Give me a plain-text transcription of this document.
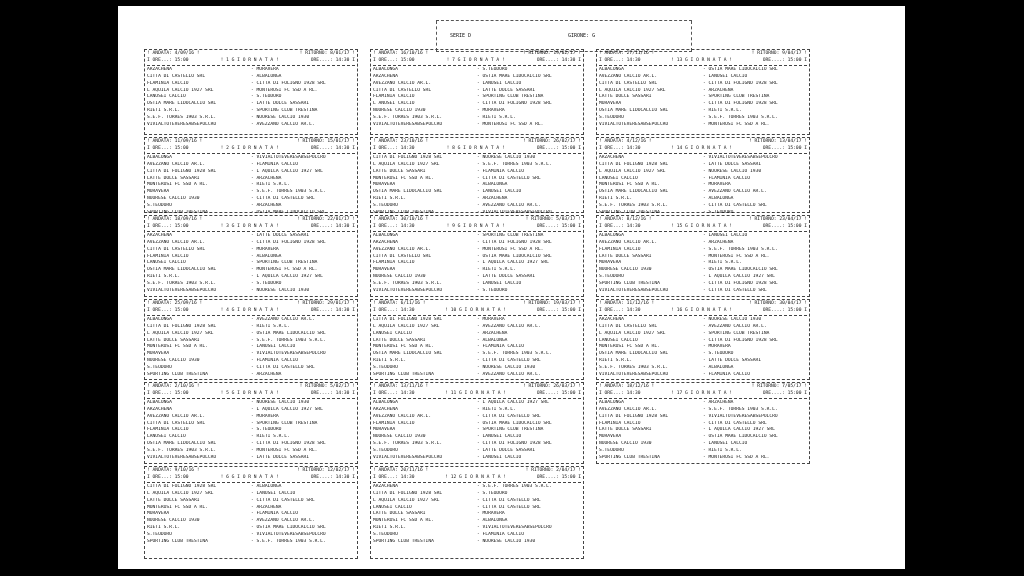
SERIE D	GIRONE: G
! ANDATA: 4/09/16 !	! RITORNO: 8/01/17 !
I ORE...: 15:00	! 1 G I O R N A T A !	ORE....: 14:30 I
ARZACHENA	- MURAVERA
CITTA DI CASTELLO SRL	- ALBALONGA
FLAMINIA CALCIO	- CITTA DI FOLIGNO 1928 SRL
L AQUILA CALCIO 1927 SRL	- MONTEROSI FC SSD A RL.
LANUSEI CALCIO	- S.TEODORO
OSTIA MARE LIDOCALCIO SRL	- LATTE DOLCE SASSARI
RIETI S.R.L.	- SPORTING CLUB TRESTINA
S.E.F. TORRES 1903 S.R.L.	- NUORESE CALCIO 1930
VIVIALTOTEVERESABSEPOLCRO	- AVEZZANO CALCIO AR.L.
! ANDATA: 16/10/16 !	! RITORNO: 19/02/17 !
I ORE...: 15:00	! 7 G I O R N A T A !	ORE....: 14:30 I
ALBALONGA	- S.TEODORO
ARZACHENA	- OSTIA MARE LIDOCALCIO SRL
AVEZZANO CALCIO AR.L.	- LANUSEI CALCIO
CITTA DI CASTELLO SRL	- LATTE DOLCE SASSARI
FLAMINIA CALCIO	- SPORTING CLUB TRESTINA
L ANUSEI CALCIO	- CITTA DI FOLIGNO 1928 SRL
NUORESE CALCIO 1930	- MURAVERA
S.E.F. TORRES 1903 S.R.L.	- RIETI S.R.L.
VIVIALTOTEVERESABSEPOLCRO	- MONTEROSI FC SSD A RL.
! ANDATA: 27/11/16 !	! RITORNO: 9/04/17 !
I ORE...: 14:30	! 13 G I O R N A T A !	ORE....: 15:00 I
ALBALONGA	- OSTIA MARE LIDOCALCIO SRL
AVEZZANO CALCIO AR.L.	- LANUSEI CALCIO
CITTA DI CASTELLO SRL	- CITTA DI FOLIGNO 1928 SRL
L AQUILA CALCIO 1927 SRL	- ARZACHENA
LATTE DOLCE SASSARI	- SPORTING CLUB TRESTINA
MURAVERA	- CITTA DI FOLIGNO 1928 SRL
OSTIA MARE LIDOCALCIO SRL	- RIETI S.R.L.
S.TEODORO	- S.E.F. TORRES 1903 S.R.L.
VIVIALTOTEVERESABSEPOLCRO	- MONTEROSI FC SSD A RL.
! ANDATA: 11/09/16 !	! RITORNO: 15/01/17 !
I ORE...: 15:00	! 2 G I O R N A T A !	ORE....: 14:30 I
ALBALONGA	- VIVIALTOTEVERESABSEPOLCRO
AVEZZANO CALCIO AR.L.	- FLAMINIA CALCIO
CITTA DI FOLIGNO 1928 SRL	- L AQUILA CALCIO 1927 SRL
LATTE DOLCE SASSARI	- ARZACHENA
MONTEROSI FC SSD A RL.	- RIETI S.R.L.
MURAVERA	- S.E.F. TORRES 1903 S.R.L.
NUORESE CALCIO 1930	- CITTA DI CASTELLO SRL
S.TEODORO	- ARZACHENA
SPORTING CLUB TRESTINA	- OSTIA MARE LIDOCALCIO SRL
! ANDATA: 23/10/16 !	! RITORNO: 26/02/17 !
I ORE...: 14:30	! 8 G I O R N A T A !	ORE....: 15:00 I
CITTA DI FOLIGNO 1928 SRL	- NUORESE CALCIO 1930
L AQUILA CALCIO 1927 SRL	- S.E.F. TORRES 1903 S.R.L.
LATTE DOLCE SASSARI	- FLAMINIA CALCIO
MONTEROSI FC SSD A RL.	- CITTA DI CASTELLO SRL
MURAVERA	- ALBALONGA
OSTIA MARE LIDOCALCIO SRL	- LANUSEI CALCIO
RIETI S.R.L.	- ARZACHENA
S.TEODORO	- AVEZZANO CALCIO AR.L.
SPORTING CLUB TRESTINA	- VIVIALTOTEVERESABSEPOLCRO
! ANDATA: 4/12/16 !	! RITORNO: 13/04/17 !
I ORE...: 14:30	! 14 G I O R N A T A !	ORE....: 15:00 I
ARZACHENA	- VIVIALTOTEVERESABSEPOLCRO
CITTA DI FOLIGNO 1928 SRL	- LATTE DOLCE SASSARI
L AQUILA CALCIO 1927 SRL	- NUORESE CALCIO 1930
LANUSEI CALCIO	- FLAMINIA CALCIO
MONTEROSI FC SSD A RL.	- MURAVERA
OSTIA MARE LIDOCALCIO SRL	- AVEZZANO CALCIO AR.L.
RIETI S.R.L.	- ALBALONGA
S.E.F. TORRES 1903 S.R.L.	- CITTA DI CASTELLO SRL
SPORTING CLUB TRESTINA	- S.TEODORO
! ANDATA: 18/09/16 !	! RITORNO: 22/01/17 !
I ORE...: 15:00	! 3 G I O R N A T A !	ORE....: 14:30 I
ARZACHENA	- LATTE DOLCE SASSARI
AVEZZANO CALCIO AR.L.	- CITTA DI FOLIGNO 1928 SRL
CITTA DI CASTELLO SRL	- MURAVERA
FLAMINIA CALCIO	- ALBALONGA
LANUSEI CALCIO	- SPORTING CLUB TRESTINA
OSTIA MARE LIDOCALCIO SRL	- MONTEROSI FC SSD A RL.
RIETI S.R.L.	- L AQUILA CALCIO 1927 SRL
S.E.F. TORRES 1903 S.R.L.	- S.TEODORO
VIVIALTOTEVERESABSEPOLCRO	- NUORESE CALCIO 1930
! ANDATA: 30/10/16 !	! RITORNO: 5/03/17 !
I ORE...: 14:30	! 9 G I O R N A T A !	ORE....: 15:00 I
ALBALONGA	- SPORTING CLUB TRESTINA
ARZACHENA	- CITTA DI FOLIGNO 1928 SRL
AVEZZANO CALCIO AR.L.	- MONTEROSI FC SSD A RL.
CITTA DI CASTELLO SRL	- OSTIA MARE LIDOCALCIO SRL
FLAMINIA CALCIO	- L AQUILA CALCIO 1927 SRL
MURAVERA	- RIETI S.R.L.
NUORESE CALCIO 1930	- LATTE DOLCE SASSARI
S.E.F. TORRES 1903 S.R.L.	- LANUSEI CALCIO
VIVIALTOTEVERESABSEPOLCRO	- S.TEODORO
! ANDATA: 8/12/16 !	! RITORNO: 23/04/17 !
I ORE...: 14:30	! 15 G I O R N A T A !	ORE....: 15:00 I
ALBALONGA	- LANUSEI CALCIO
AVEZZANO CALCIO AR.L.	- ARZACHENA
FLAMINIA CALCIO	- S.E.F. TORRES 1903 S.R.L.
LATTE DOLCE SASSARI	- MONTEROSI FC SSD A RL.
MURAVERA	- RIETI S.R.L.
NUORESE CALCIO 1930	- OSTIA MARE LIDOCALCIO SRL
S.TEODORO	- L AQUILA CALCIO 1927 SRL
SPORTING CLUB TRESTINA	- CITTA DI FOLIGNO 1928 SRL
VIVIALTOTEVERESABSEPOLCRO	- CITTA DI CASTELLO SRL
! ANDATA: 25/09/16 !	! RITORNO: 29/01/17 !
I ORE...: 15:00	! 4 G I O R N A T A !	ORE....: 14:30 I
ALBALONGA	- AVEZZANO CALCIO AR.L.
CITTA DI FOLIGNO 1928 SRL	- RIETI S.R.L.
L AQUILA CALCIO 1927 SRL	- OSTIA MARE LIDOCALCIO SRL
LATTE DOLCE SASSARI	- S.E.F. TORRES 1903 S.R.L.
MONTEROSI FC SSD A RL.	- LANUSEI CALCIO
MURAVERA	- VIVIALTOTEVERESABSEPOLCRO
NUORESE CALCIO 1930	- FLAMINIA CALCIO
S.TEODORO	- CITTA DI CASTELLO SRL
SPORTING CLUB TRESTINA	- ARZACHENA
! ANDATA: 6/11/16 !	! RITORNO: 19/03/17 !
I ORE...: 14:30	! 10 G I O R N A T A !	ORE....: 15:00 I
CITTA DI FOLIGNO 1928 SRL	- MURAVERA
L AQUILA CALCIO 1927 SRL	- AVEZZANO CALCIO AR.L.
LANUSEI CALCIO	- ARZACHENA
LATTE DOLCE SASSARI	- ALBALONGA
MONTEROSI FC SSD A RL.	- FLAMINIA CALCIO
OSTIA MARE LIDOCALCIO SRL	- S.E.F. TORRES 1903 S.R.L.
RIETI S.R.L.	- CITTA DI CASTELLO SRL
S.TEODORO	- NUORESE CALCIO 1930
SPORTING CLUB TRESTINA	- AVEZZANO CALCIO AR.L.
! ANDATA: 11/12/16 !	! RITORNO: 30/04/17 !
I ORE...: 14:30	! 16 G I O R N A T A !	ORE....: 15:00 I
ARZACHENA	- NUORESE CALCIO 1930
CITTA DI CASTELLO SRL	- AVEZZANO CALCIO AR.L.
L AQUILA CALCIO 1927 SRL	- SPORTING CLUB TRESTINA
LANUSEI CALCIO	- CITTA DI FOLIGNO 1928 SRL
MONTEROSI FC SSD A RL.	- MURAVERA
OSTIA MARE LIDOCALCIO SRL	- S.TEODORO
RIETI S.R.L.	- LATTE DOLCE SASSARI
S.E.F. TORRES 1903 S.R.L.	- ALBALONGA
VIVIALTOTEVERESABSEPOLCRO	- FLAMINIA CALCIO
! ANDATA: 2/10/16 !	! RITORNO: 5/02/17 !
I ORE...: 15:00	! 5 G I O R N A T A !	ORE....: 14:30 I
ALBALONGA	- NUORESE CALCIO 1930
ARZACHENA	- L AQUILA CALCIO 1927 SRL
AVEZZANO CALCIO AR.L.	- MURAVERA
CITTA DI CASTELLO SRL	- SPORTING CLUB TRESTINA
FLAMINIA CALCIO	- S.TEODORO
LANUSEI CALCIO	- RIETI S.R.L.
OSTIA MARE LIDOCALCIO SRL	- CITTA DI FOLIGNO 1928 SRL
S.E.F. TORRES 1903 S.R.L.	- MONTEROSI FC SSD A RL.
VIVIALTOTEVERESABSEPOLCRO	- LATTE DOLCE SASSARI
! ANDATA: 13/11/16 !	! RITORNO: 26/03/17 !
I ORE...: 14:30	! 11 G I O R N A T A !	ORE....: 15:00 I
ALBALONGA	- L AQUILA CALCIO 1927 SRL
ARZACHENA	- RIETI S.R.L.
AVEZZANO CALCIO AR.L.	- CITTA DI CASTELLO SRL
FLAMINIA CALCIO	- OSTIA MARE LIDOCALCIO SRL
MURAVERA	- SPORTING CLUB TRESTINA
NUORESE CALCIO 1930	- LANUSEI CALCIO
S.E.F. TORRES 1903 S.R.L.	- CITTA DI FOLIGNO 1928 SRL
S.TEODORO	- LATTE DOLCE SASSARI
VIVIALTOTEVERESABSEPOLCRO	- LANUSEI CALCIO
! ANDATA: 18/12/16 !	! RITORNO: 7/05/17 !
I ORE...: 14:30	! 17 G I O R N A T A !	ORE....: 15:00 I
ALBALONGA	- ARZACHENA
AVEZZANO CALCIO AR.L.	- S.E.F. TORRES 1903 S.R.L.
CITTA DI FOLIGNO 1928 SRL	- VIVIALTOTEVERESABSEPOLCRO
FLAMINIA CALCIO	- CITTA DI CASTELLO SRL
LATTE DOLCE SASSARI	- L AQUILA CALCIO 1927 SRL
MURAVERA	- OSTIA MARE LIDOCALCIO SRL
NUORESE CALCIO 1930	- LANUSEI CALCIO
S.TEODORO	- RIETI S.R.L.
SPORTING CLUB TRESTINA	- MONTEROSI FC SSD A RL.
! ANDATA: 9/10/16 !	! RITORNO: 12/02/17 !
I ORE...: 15:00	! 6 G I O R N A T A !	ORE....: 14:30 I
CITTA DI FOLIGNO 1928 SRL	- ALBALONGA
L AQUILA CALCIO 1927 SRL	- LANUSEI CALCIO
LATTE DOLCE SASSARI	- CITTA DI CASTELLO SRL
MONTEROSI FC SSD A RL.	- ARZACHENA
MURAVERA	- FLAMINIA CALCIO
NUORESE CALCIO 1930	- AVEZZANO CALCIO AR.L.
RIETI S.R.L.	- OSTIA MARE LIDOCALCIO SRL
S.TEODORO	- VIVIALTOTEVERESABSEPOLCRO
SPORTING CLUB TRESTINA	- S.E.F. TORRES 1903 S.R.L.
! ANDATA: 20/11/16 !	! RITORNO: 2/04/17 !
I ORE...: 14:30	! 12 G I O R N A T A !	ORE....: 15:00 I
ARZACHENA	- S.E.F. TORRES 1903 S.R.L.
CITTA DI FOLIGNO 1928 SRL	- S.TEODORO
L AQUILA CALCIO 1927 SRL	- CITTA DI CASTELLO SRL
LANUSEI CALCIO	- CITTA DI CASTELLO SRL
LATTE DOLCE SASSARI	- MURAVERA
MONTEROSI FC SSD A RL.	- ALBALONGA
RIETI S.R.L.	- VIVIALTOTEVERESABSEPOLCRO
S.TEODORO	- FLAMINIA CALCIO
SPORTING CLUB TRESTINA	- NUORESE CALCIO 1930
